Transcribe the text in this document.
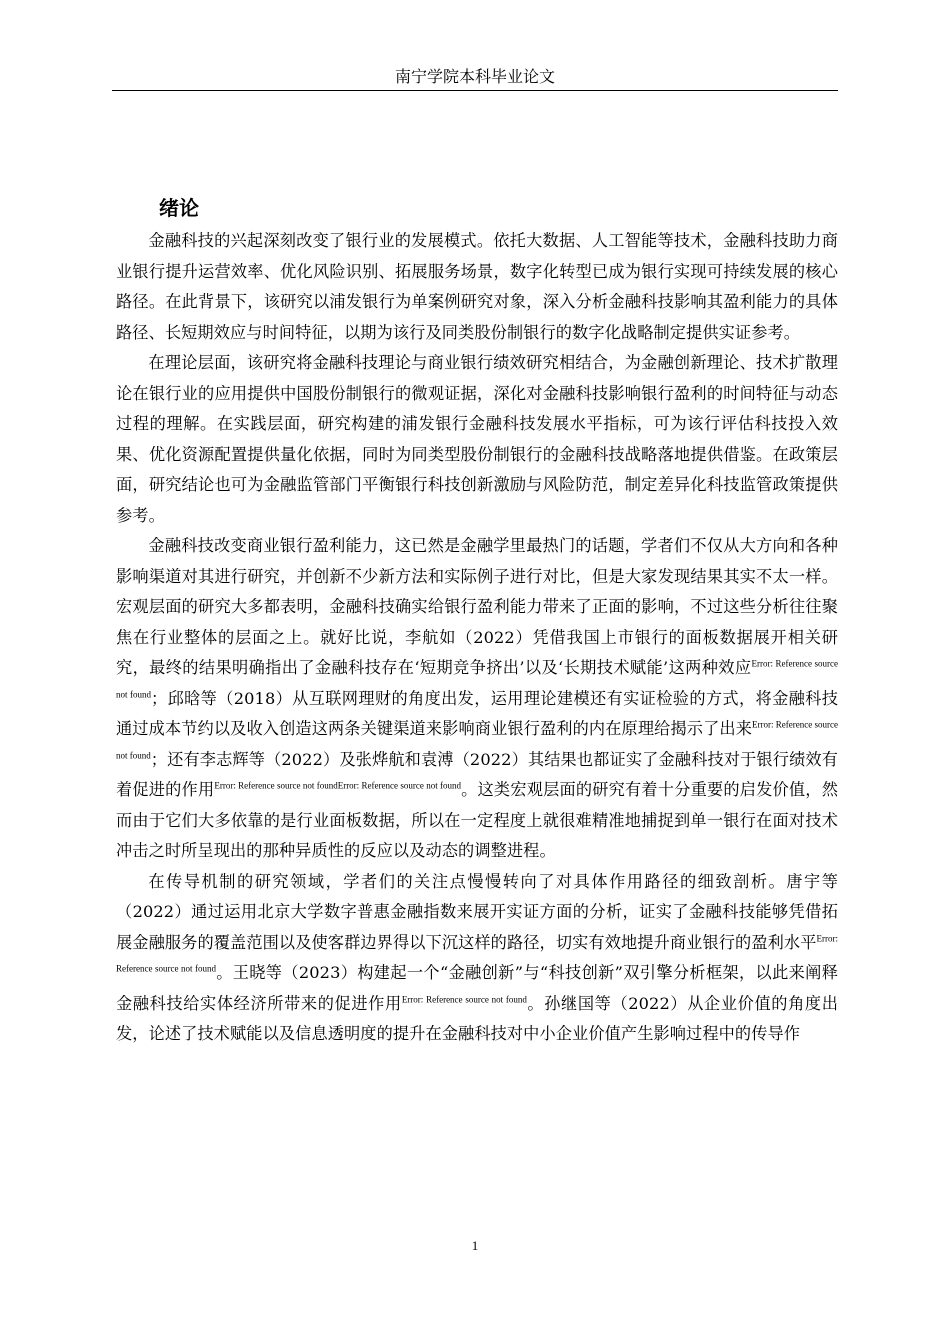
南宁学院本科毕业论文
绪论

金融科技的兴起深刻改变了银行业的发展模式。依托大数据、人工智能等技术，金融科技助力商业银行提升运营效率、优化风险识别、拓展服务场景，数字化转型已成为银行实现可持续发展的核心路径。在此背景下，该研究以浦发银行为单案例研究对象，深入分析金融科技影响其盈利能力的具体路径、长短期效应与时间特征，以期为该行及同类股份制银行的数字化战略制定提供实证参考。

在理论层面，该研究将金融科技理论与商业银行绩效研究相结合，为金融创新理论、技术扩散理论在银行业的应用提供中国股份制银行的微观证据，深化对金融科技影响银行盈利的时间特征与动态过程的理解。在实践层面，研究构建的浦发银行金融科技发展水平指标，可为该行评估科技投入效果、优化资源配置提供量化依据，同时为同类型股份制银行的金融科技战略落地提供借鉴。在政策层面，研究结论也可为金融监管部门平衡银行科技创新激励与风险防范，制定差异化科技监管政策提供参考。

金融科技改变商业银行盈利能力，这已然是金融学里最热门的话题，学者们不仅从大方向和各种影响渠道对其进行研究，并创新不少新方法和实际例子进行对比，但是大家发现结果其实不太一样。宏观层面的研究大多都表明，金融科技确实给银行盈利能力带来了正面的影响，不过这些分析往往聚焦在行业整体的层面之上。就好比说，李航如（2022）凭借我国上市银行的面板数据展开相关研究，最终的结果明确指出了金融科技存在‘短期竞争挤出’以及‘长期技术赋能’这两种效应$^{Error: Reference source not found}$；邱晗等（2018）从互联网理财的角度出发，运用理论建模还有实证检验的方式，将金融科技通过成本节约以及收入创造这两条关键渠道来影响商业银行盈利的内在原理给揭示了出来$^{Error: Reference source not found}$；还有李志辉等（2022）及张烨航和袁溥（2022）其结果也都证实了金融科技对于银行绩效有着促进的作用$^{Error: Reference source not foundError: Reference source not found}$。这类宏观层面的研究有着十分重要的启发价值，然而由于它们大多依靠的是行业面板数据，所以在一定程度上就很难精准地捕捉到单一银行在面对技术冲击之时所呈现出的那种异质性的反应以及动态的调整进程。

在传导机制的研究领域，学者们的关注点慢慢转向了对具体作用路径的细致剖析。唐宇等（2022）通过运用北京大学数字普惠金融指数来展开实证方面的分析，证实了金融科技能够凭借拓展金融服务的覆盖范围以及使客群边界得以下沉这样的路径，切实有效地提升商业银行的盈利水平$^{Error: Reference source not found}$。王晓等（2023）构建起一个“金融创新”与“科技创新”双引擎分析框架，以此来阐释金融科技给实体经济所带来的促进作用$^{Error: Reference source not found}$。孙继国等（2022）从企业价值的角度出发，论述了技术赋能以及信息透明度的提升在金融科技对中小企业价值产生影响过程中的传导作

1
